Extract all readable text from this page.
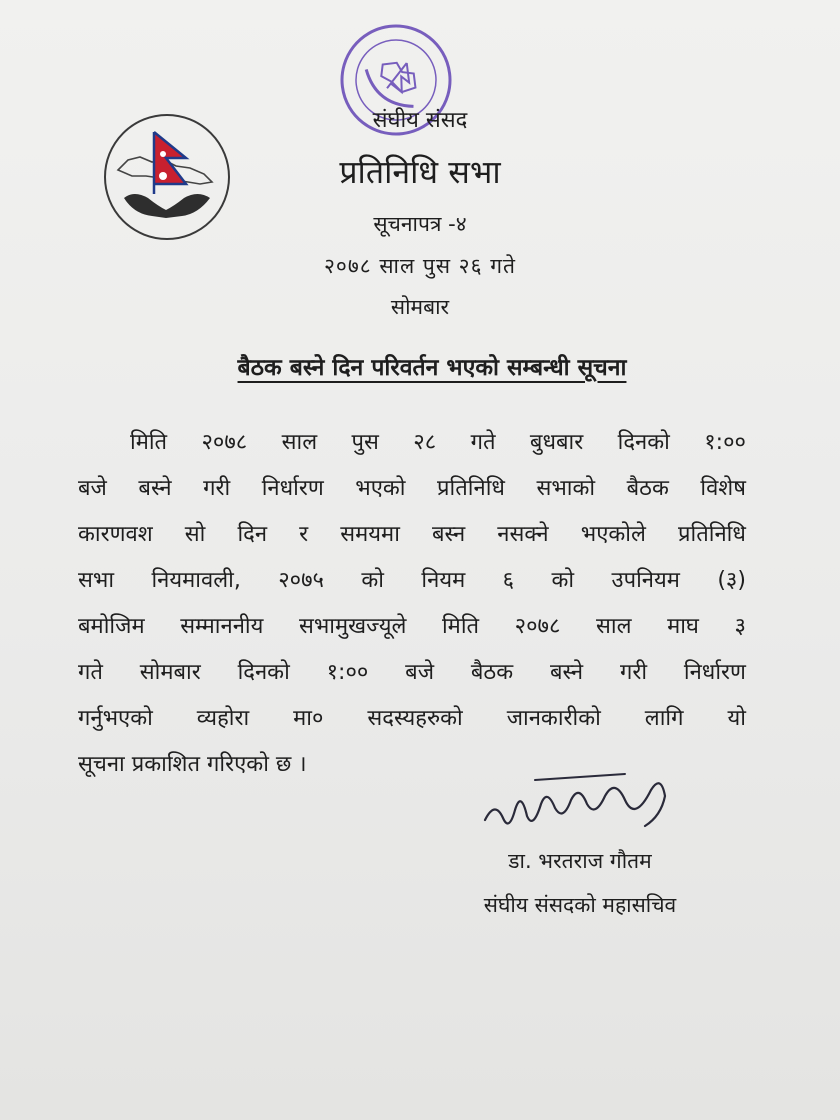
संघीय संसद
प्रतिनिधि सभा
सूचनापत्र -४
२०७८ साल पुस २६ गते
सोमबार
बैठक बस्ने दिन परिवर्तन भएको सम्बन्धी सूचना
मिति २०७८ साल पुस २८ गते बुधबार दिनको १:००
बजे बस्ने गरी निर्धारण भएको प्रतिनिधि सभाको बैठक विशेष
कारणवश सो दिन र समयमा बस्न नसक्ने भएकोले प्रतिनिधि
सभा नियमावली, २०७५ को नियम ६ को उपनियम (३)
बमोजिम सम्माननीय सभामुखज्यूले मिति २०७८ साल माघ ३
गते सोमबार दिनको १:०० बजे बैठक बस्ने गरी निर्धारण
गर्नुभएको व्यहोरा मा० सदस्यहरुको जानकारीको लागि यो
सूचना प्रकाशित गरिएको छ ।
डा. भरतराज गौतम
संघीय संसदको महासचिव
